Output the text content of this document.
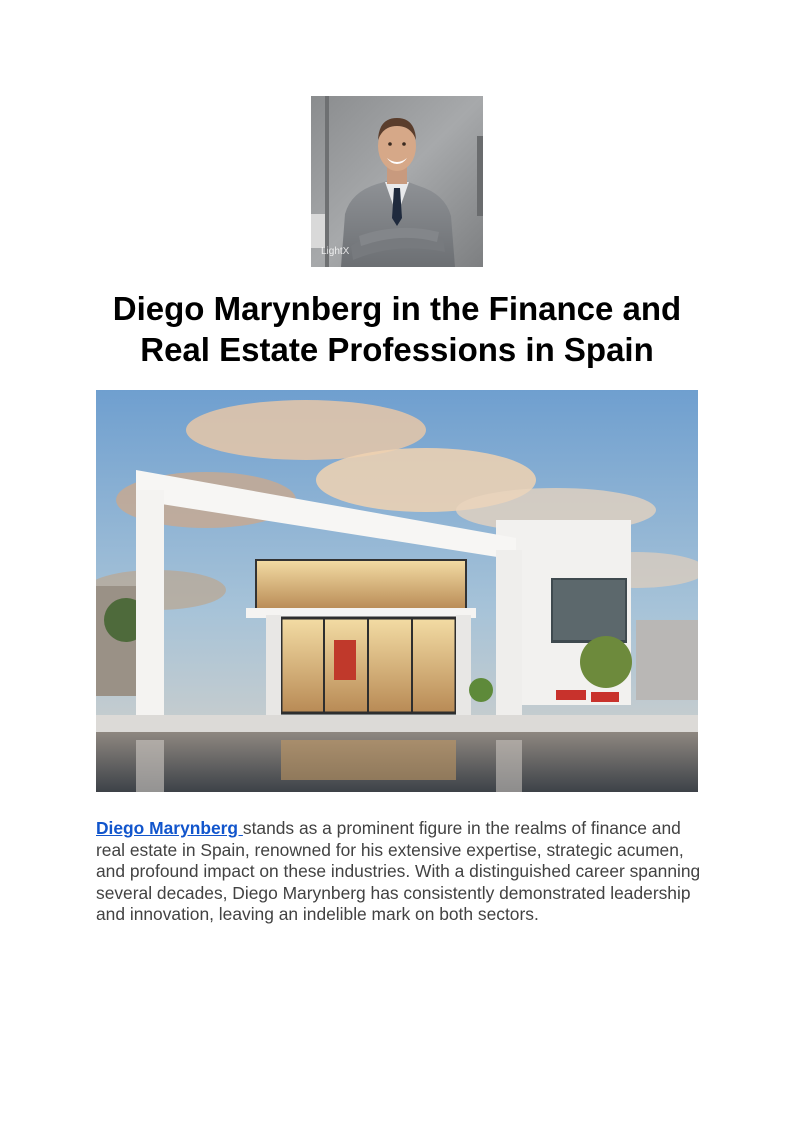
LightX
Diego Marynberg in the Finance and Real Estate Professions in Spain

Diego Marynberg stands as a prominent figure in the realms of finance and real estate in Spain, renowned for his extensive expertise, strategic acumen, and profound impact on these industries. With a distinguished career spanning several decades, Diego Marynberg has consistently demonstrated leadership and innovation, leaving an indelible mark on both sectors.
